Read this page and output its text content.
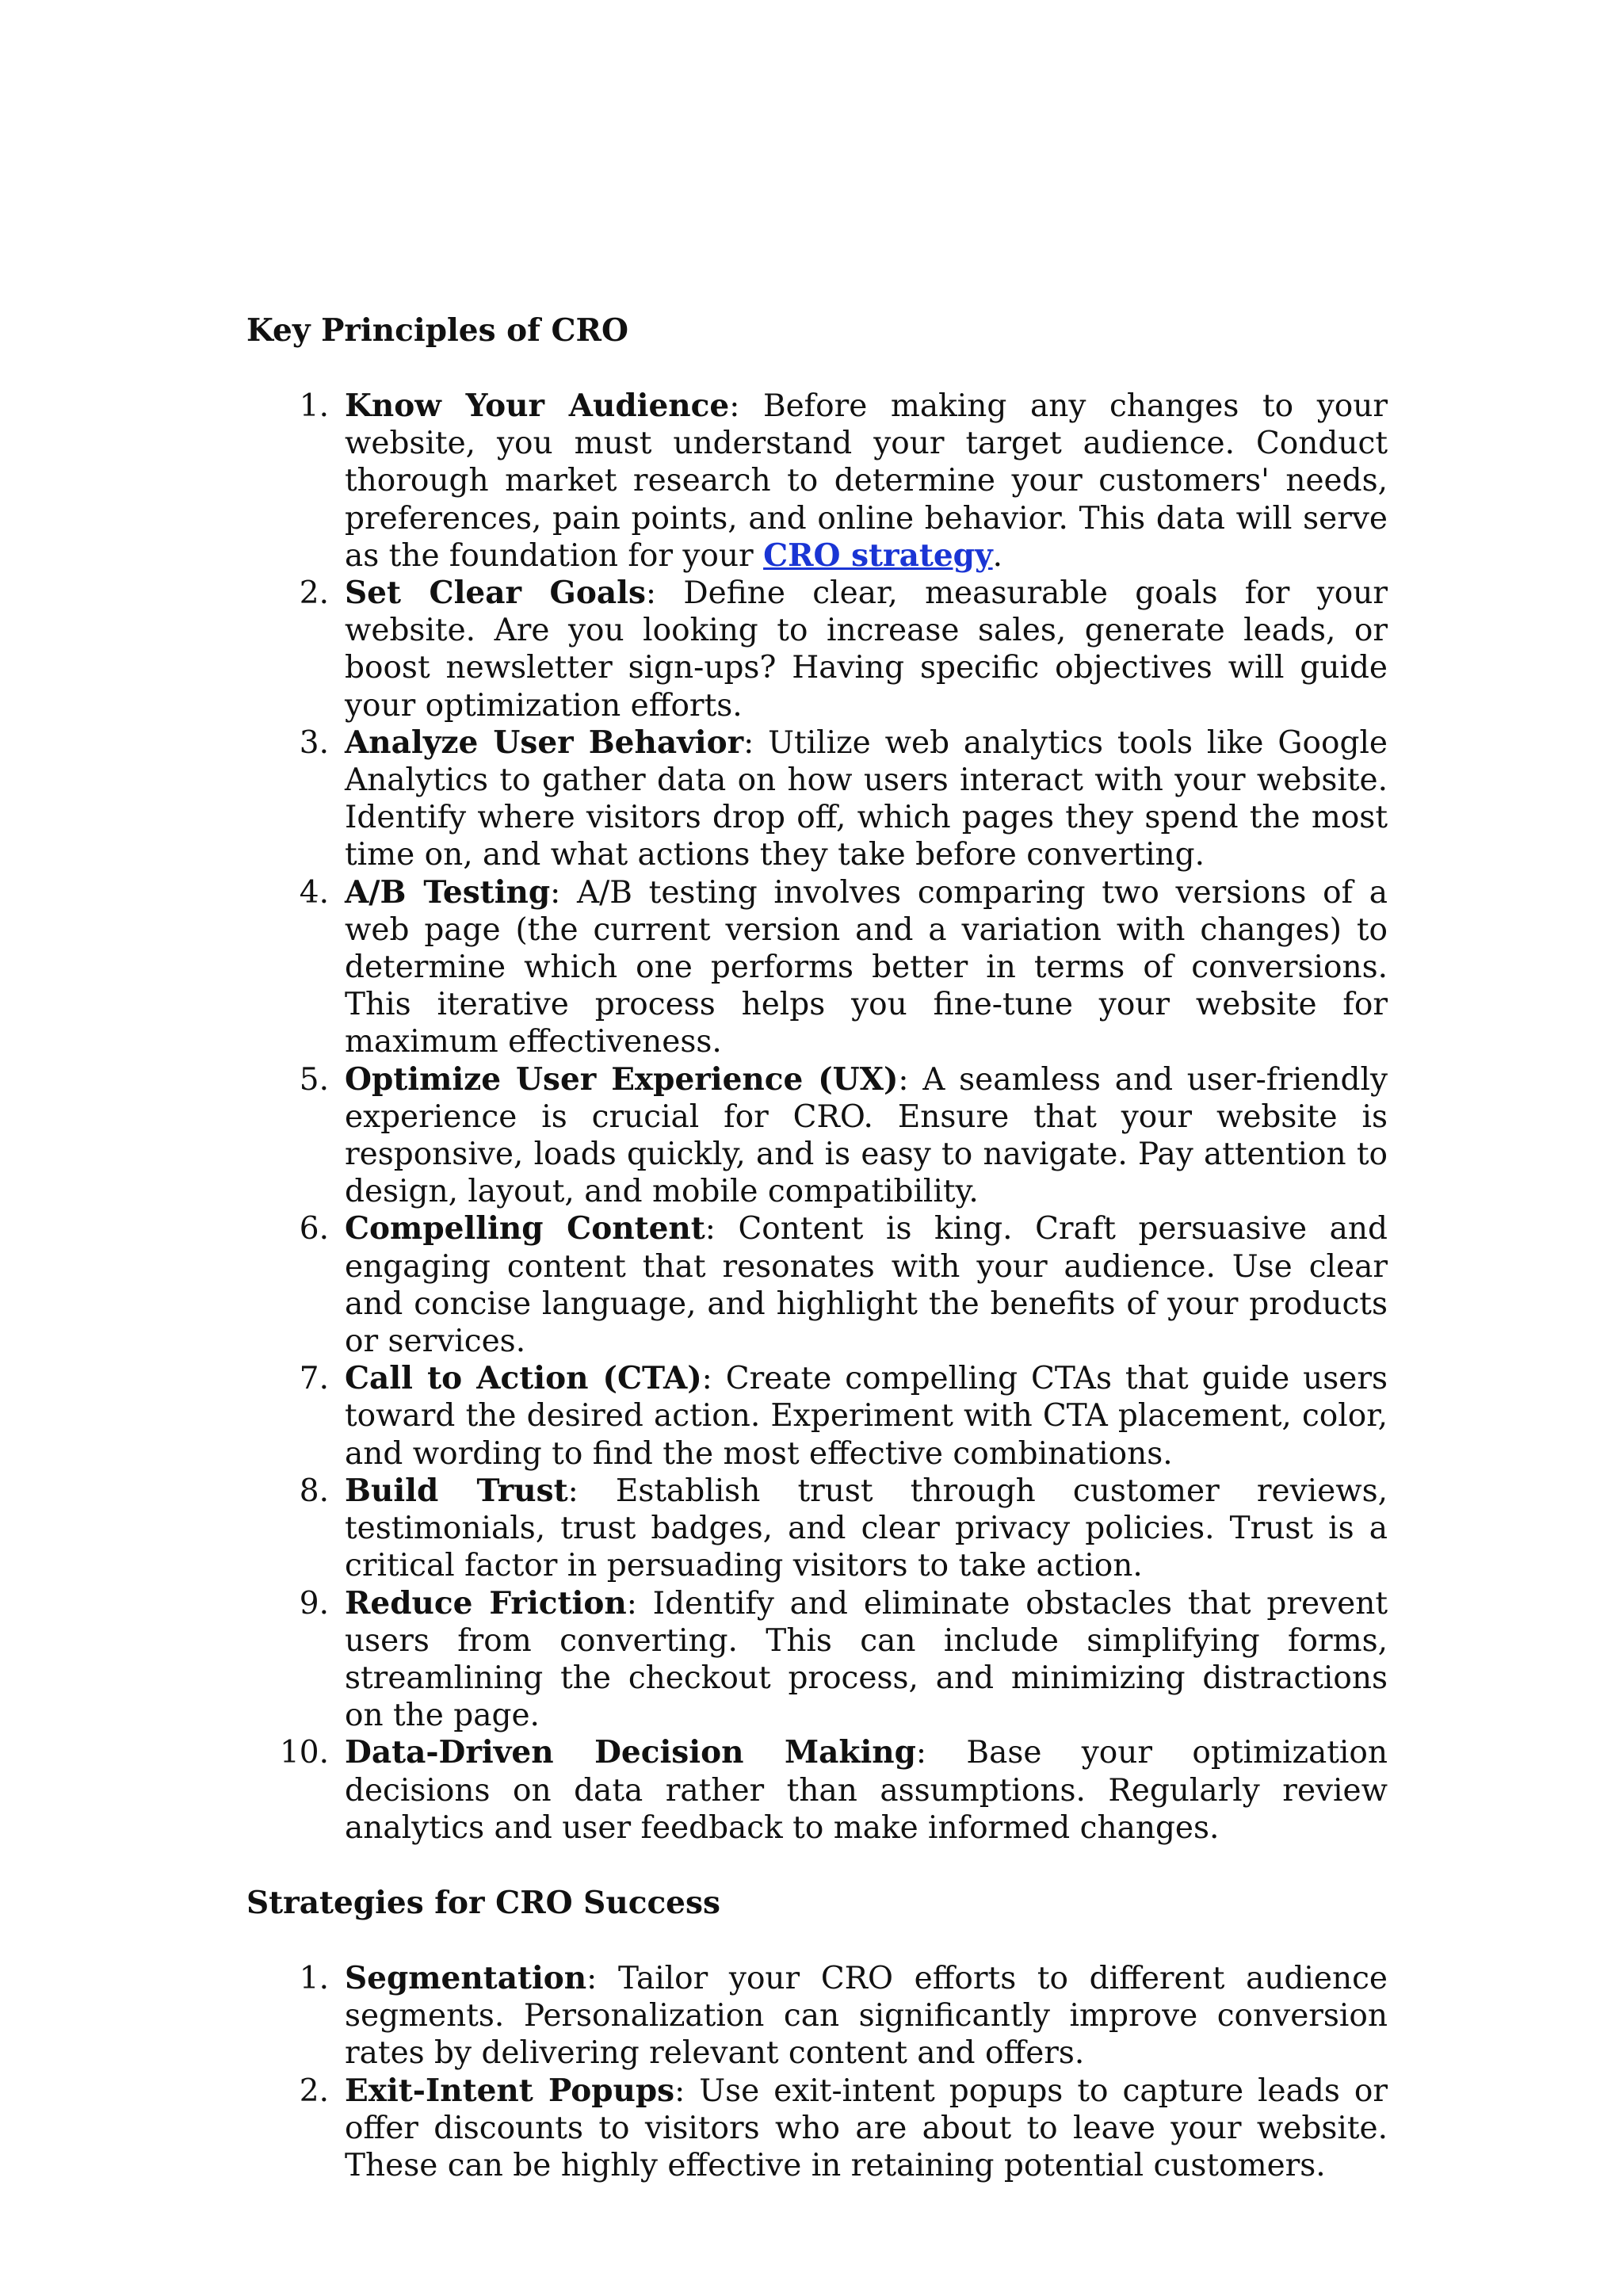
Key Principles of CRO
1. Know Your Audience: Before making any changes to your website, you must understand your target audience. Conduct thorough market research to determine your customers' needs, preferences, pain points, and online behavior. This data will serve as the foundation for your CRO strategy.
2. Set Clear Goals: Define clear, measurable goals for your website. Are you looking to increase sales, generate leads, or boost newsletter sign-ups? Having specific objectives will guide your optimization efforts.
3. Analyze User Behavior: Utilize web analytics tools like Google Analytics to gather data on how users interact with your website. Identify where visitors drop off, which pages they spend the most time on, and what actions they take before converting.
4. A/B Testing: A/B testing involves comparing two versions of a web page (the current version and a variation with changes) to determine which one performs better in terms of conversions. This iterative process helps you fine-tune your website for maximum effectiveness.
5. Optimize User Experience (UX): A seamless and user-friendly experience is crucial for CRO. Ensure that your website is responsive, loads quickly, and is easy to navigate. Pay attention to design, layout, and mobile compatibility.
6. Compelling Content: Content is king. Craft persuasive and engaging content that resonates with your audience. Use clear and concise language, and highlight the benefits of your products or services.
7. Call to Action (CTA): Create compelling CTAs that guide users toward the desired action. Experiment with CTA placement, color, and wording to find the most effective combinations.
8. Build Trust: Establish trust through customer reviews, testimonials, trust badges, and clear privacy policies. Trust is a critical factor in persuading visitors to take action.
9. Reduce Friction: Identify and eliminate obstacles that prevent users from converting. This can include simplifying forms, streamlining the checkout process, and minimizing distractions on the page.
10. Data-Driven Decision Making: Base your optimization decisions on data rather than assumptions. Regularly review analytics and user feedback to make informed changes.
Strategies for CRO Success
1. Segmentation: Tailor your CRO efforts to different audience segments. Personalization can significantly improve conversion rates by delivering relevant content and offers.
2. Exit-Intent Popups: Use exit-intent popups to capture leads or offer discounts to visitors who are about to leave your website. These can be highly effective in retaining potential customers.
